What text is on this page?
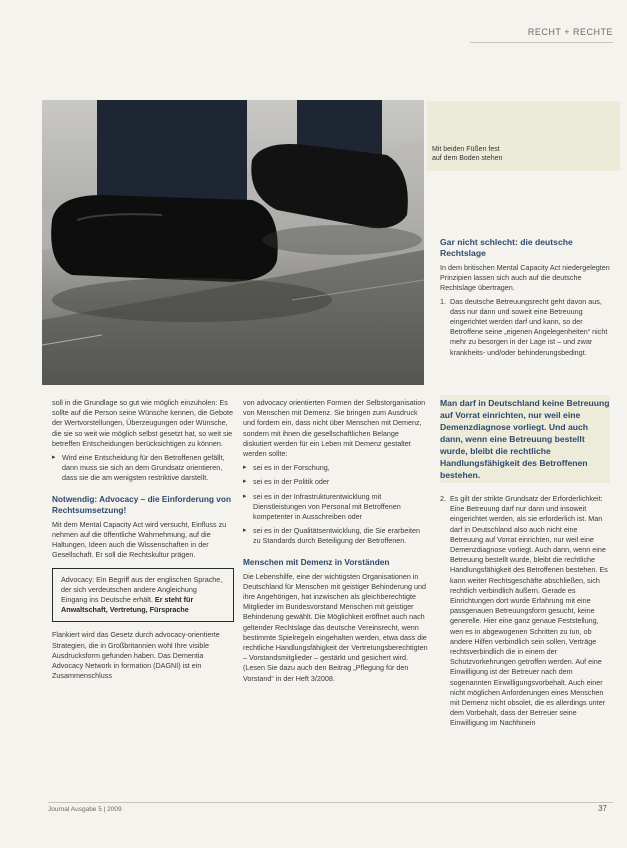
RECHT + RECHTE
Mit beiden Füßen fest
auf dem Boden stehen

soll in die Grundlage so gut wie möglich einzuholen: Es sollte auf die Person seine Wünsche kennen, die Gebote der Wertvorstellungen, Überzeugungen oder Wünsche, die sie so weit wie möglich selbst gesetzt hat, so weit sie betreffen Entscheidungen berücksichtigen zu können.

▸ Wird eine Entscheidung für den Betroffenen gefällt, dann muss sie sich an dem Grundsatz orientieren, dass sie die am wenigsten restriktive darstellt.

Notwendig: Advocacy – die Einforderung von Rechtsumsetzung!

Mit dem Mental Capacity Act wird versucht, Einfluss zu nehmen auf die öffentliche Wahrnehmung, auf die Haltungen, Ideen auch die Wissenschaften in der Gesellschaft. Er soll die Rechtskultur prägen.

Advocacy: Ein Begriff aus der englischen Sprache, der sich verdeutschen andere Angleichung Eingang ins Deutsche erhält. Er steht für Anwaltschaft, Vertretung, Fürsprache

Flankiert wird das Gesetz durch advocacy-orientierte Strategien, die in Großbritannien wohl Ihre visible Ausdrucksform gefunden haben. Das Dementia Advocacy Network in formation (DAGNI) ist ein Zusammenschluss

von advocacy orientierten Formen der Selbstorganisation von Menschen mit Demenz. Sie bringen zum Ausdruck und fordern ein, dass nicht über Menschen mit Demenz, sondern mit ihnen die gesellschaftlichen Belange diskutiert werden für ein Leben mit Demenz gestaltet werden sollte:

▸ sei es in der Forschung,

▸ sei es in der Politik oder

▸ sei es in der Infrastrukturentwicklung mit Dienstleistungen von Personal mit Betroffenen kompetenter in Ausschreiben oder

▸ sei es in der Qualitätsentwicklung, die Sie erarbeiten zu Standards durch Beteiligung der Betroffenen.

Menschen mit Demenz in Vorständen

Die Lebenshilfe, eine der wichtigsten Organisationen in Deutschland für Menschen mit geistiger Behinderung und ihre Angehörigen, hat inzwischen als gleichberechtigte Mitglieder im Bundesvorstand Menschen mit geistiger Behinderung gewählt. Die Möglichkeit eröffnet auch nach geltender Rechtslage das deutsche Vereinsrecht, wenn bestimmte Spielregeln eingehalten werden, etwa dass die rechtliche Handlungsfähigkeit der Vertretungsberechtigten – Vorstandsmitglieder – gestärkt und gesichert wird. (Lesen Sie dazu auch den Beitrag „Pflegung für den Vorstand“ in der Heft 3/2008.

Gar nicht schlecht: die deutsche Rechtslage

In dem britischen Mental Capacity Act niedergelegten Prinzipien lassen sich auch auf die deutsche Rechtslage übertragen.

1. Das deutsche Betreuungsrecht geht davon aus, dass nur dann und soweit eine Betreuung eingerichtet werden darf und kann, so der Betroffene seine „eigenen Angelegenheiten“ nicht mehr zu besorgen in der Lage ist – und zwar krankheits- und/oder behinderungsbedingt.

Man darf in Deutschland keine Betreuung auf Vorrat einrichten, nur weil eine Demenzdiagnose vorliegt. Und auch dann, wenn eine Betreuung bestellt wurde, bleibt die rechtliche Handlungsfähigkeit des Betroffenen bestehen.

2. Es gilt der strikte Grundsatz der Erforderlichkeit: Eine Betreuung darf nur dann und insoweit eingerichtet werden, als sie erforderlich ist. Man darf in Deutschland also auch nicht eine Betreuung auf Vorrat einrichten, nur weil eine Demenzdiagnose vorliegt. Auch dann, wenn eine Betreuung bestellt wurde, bleibt die rechtliche Handlungsfähigkeit des Betroffenen bestehen. Es kann weiter Rechtsgeschäfte abschließen, sich rechtlich verbindlich äußern. Gerade es Einrichtungen dort wurde Erfahrung mit eine passgenauen Betreuungsform gesucht, keine generelle. Hier eine ganz genaue Feststellung, wen es in abgewogenen Schritten zu tun, ob andere Hilfen verbindlich sein sollen, Verträge rechtsverbindlich die in einem der Schutzvorkehrungen getroffen werden. Auf eine Einwilligung ist der Betreuer nach dem sogenannten Einwilligungsvorbehalt. Auch einer nicht möglichen Anforderungen eines Menschen mit Demenz nicht obsolet, die es allerdings unter dem Vorbehalt, dass der Betreuer seine Einwilligung im Nachhinein

Journal Ausgabe 5 | 2009	37
